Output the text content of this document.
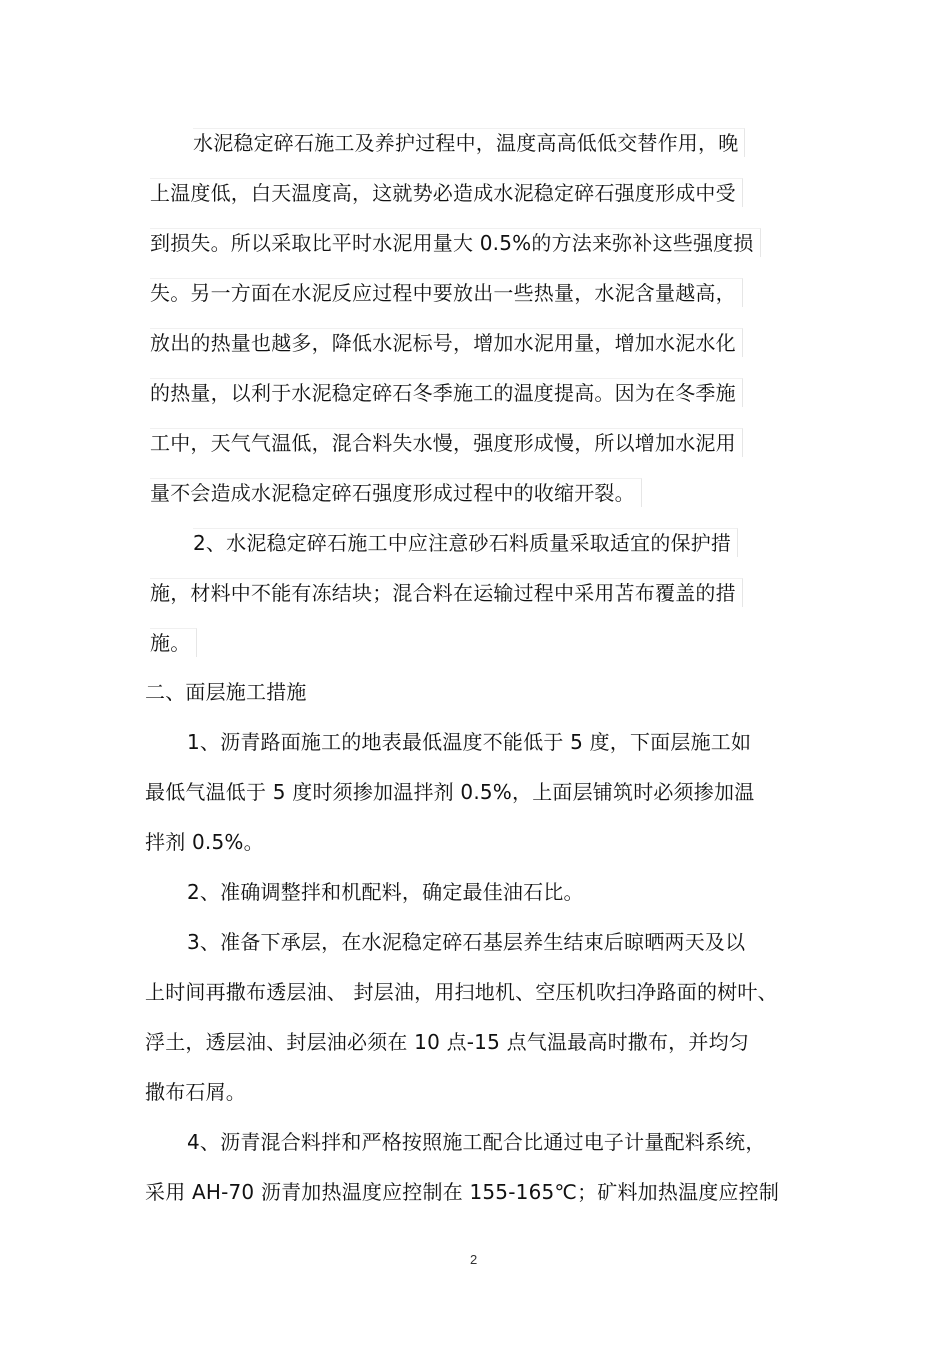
水泥稳定碎石施工及养护过程中，温度高高低低交替作用，晚
上温度低，白天温度高，这就势必造成水泥稳定碎石强度形成中受
到损失。所以采取比平时水泥用量大 0.5%的方法来弥补这些强度损
失。另一方面在水泥反应过程中要放出一些热量，水泥含量越高，
放出的热量也越多，降低水泥标号，增加水泥用量，增加水泥水化
的热量，以利于水泥稳定碎石冬季施工的温度提高。因为在冬季施
工中，天气气温低，混合料失水慢，强度形成慢，所以增加水泥用
量不会造成水泥稳定碎石强度形成过程中的收缩开裂。
2、水泥稳定碎石施工中应注意砂石料质量采取适宜的保护措
施，材料中不能有冻结块；混合料在运输过程中采用苫布覆盖的措
施。
二、面层施工措施
1、沥青路面施工的地表最低温度不能低于 5 度，下面层施工如
最低气温低于 5 度时须掺加温拌剂 0.5%，上面层铺筑时必须掺加温
拌剂 0.5%。
2、准确调整拌和机配料，确定最佳油石比。
3、准备下承层，在水泥稳定碎石基层养生结束后晾晒两天及以
上时间再撒布透层油、 封层油，用扫地机、空压机吹扫净路面的树叶、
浮土，透层油、封层油必须在 10 点-15 点气温最高时撒布，并均匀
撒布石屑。
4、沥青混合料拌和严格按照施工配合比通过电子计量配料系统，
采用 AH-70 沥青加热温度应控制在 155-165℃；矿料加热温度应控制
2
